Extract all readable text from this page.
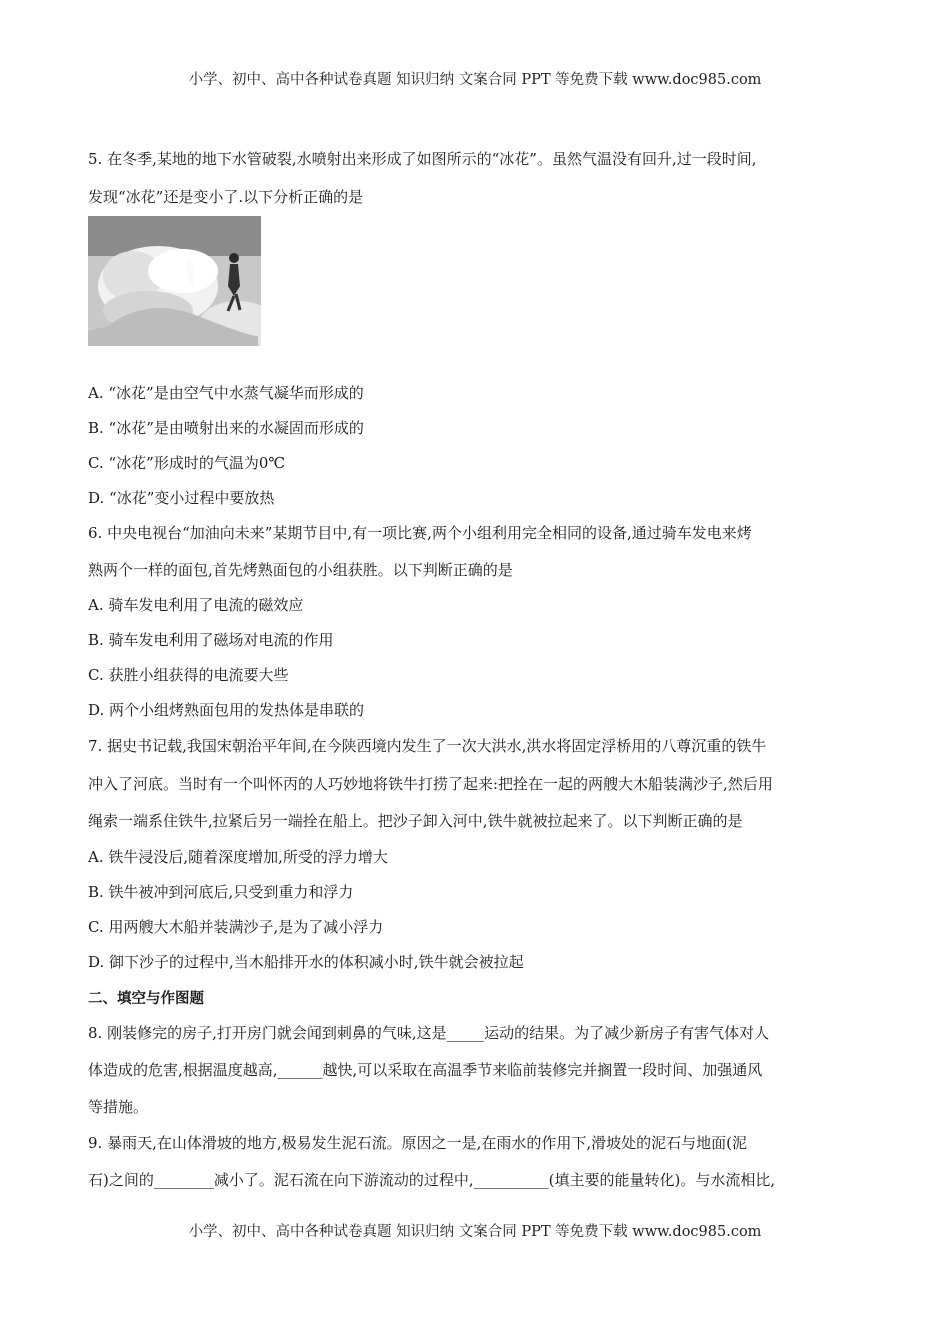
小学、初中、高中各种试卷真题 知识归纳 文案合同 PPT 等免费下载 www.doc985.com
5. 在冬季,某地的地下水管破裂,水喷射出来形成了如图所示的“冰花”。虽然气温没有回升,过一段时间,
发现“冰花”还是变小了.以下分析正确的是
A. “冰花”是由空气中水蒸气凝华而形成的
B. “冰花”是由喷射出来的水凝固而形成的
C. “冰花”形成时的气温为0℃
D. “冰花”变小过程中要放热
6. 中央电视台“加油向未来”某期节目中,有一项比赛,两个小组利用完全相同的设备,通过骑车发电来烤
熟两个一样的面包,首先烤熟面包的小组获胜。以下判断正确的是
A. 骑车发电利用了电流的磁效应
B. 骑车发电利用了磁场对电流的作用
C. 获胜小组获得的电流要大些
D. 两个小组烤熟面包用的发热体是串联的
7. 据史书记载,我国宋朝治平年间,在今陕西境内发生了一次大洪水,洪水将固定浮桥用的八尊沉重的铁牛
冲入了河底。当时有一个叫怀丙的人巧妙地将铁牛打捞了起来:把拴在一起的两艘大木船装满沙子,然后用
绳索一端系住铁牛,拉紧后另一端拴在船上。把沙子卸入河中,铁牛就被拉起来了。以下判断正确的是
A. 铁牛浸没后,随着深度增加,所受的浮力增大
B. 铁牛被冲到河底后,只受到重力和浮力
C. 用两艘大木船并装满沙子,是为了减小浮力
D. 御下沙子的过程中,当木船排开水的体积减小时,铁牛就会被拉起
二、填空与作图题
8. 刚装修完的房子,打开房门就会闻到刺鼻的气味,这是_____运动的结果。为了减少新房子有害气体对人
体造成的危害,根据温度越高,______越快,可以采取在高温季节来临前装修完并搁置一段时间、加强通风
等措施。
9. 暴雨天,在山体滑坡的地方,极易发生泥石流。原因之一是,在雨水的作用下,滑坡处的泥石与地面(泥
石)之间的________减小了。泥石流在向下游流动的过程中,__________(填主要的能量转化)。与水流相比,
小学、初中、高中各种试卷真题 知识归纳 文案合同 PPT 等免费下载 www.doc985.com
